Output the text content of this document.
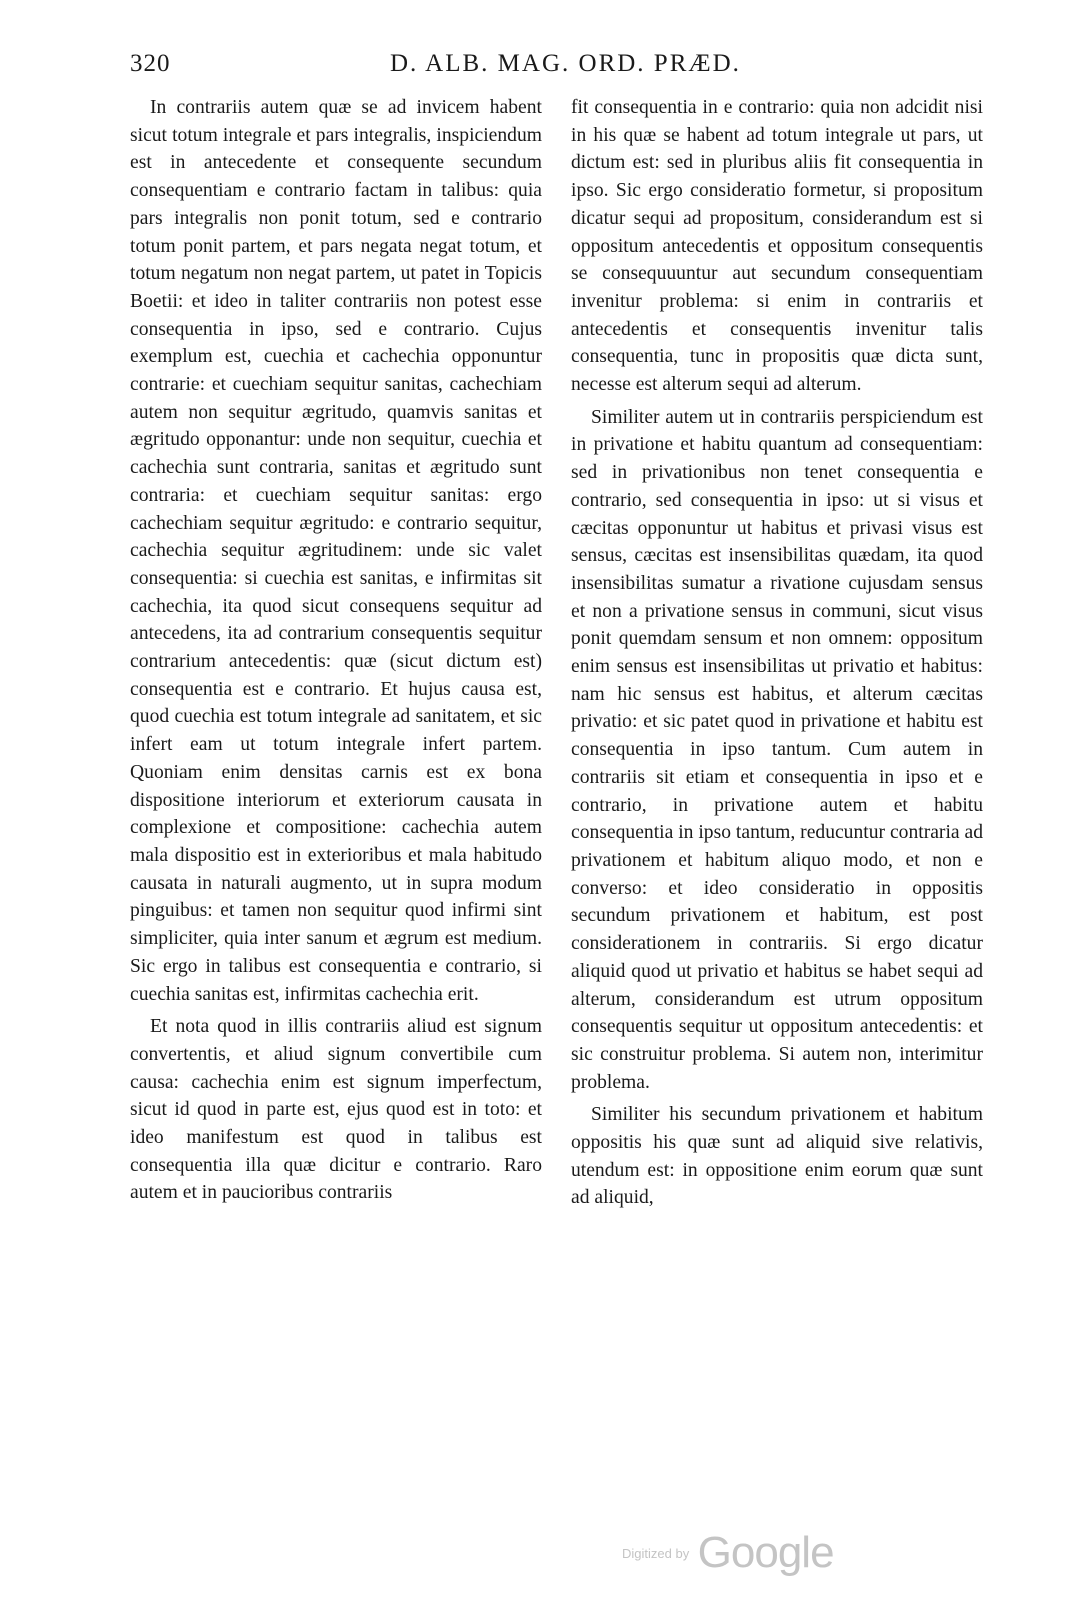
320	D. ALB. MAG. ORD. PRÆD.

In contrariis autem quæ se ad invicem habent sicut totum integrale et pars integralis, inspiciendum est in antecedente et consequente secundum consequentiam e contrario factam in talibus: quia pars integralis non ponit totum, sed e contrario totum ponit partem, et pars negata negat totum, et totum negatum non negat partem, ut patet in Topicis Boetii: et ideo in taliter contrariis non potest esse consequentia in ipso, sed e contrario. Cujus exemplum est, cuechia et cachechia opponuntur contrarie: et cuechiam sequitur sanitas, cachechiam autem non sequitur ægritudo, quamvis sanitas et ægritudo opponantur: unde non sequitur, cuechia et cachechia sunt contraria, sanitas et ægritudo sunt contraria: et cuechiam sequitur sanitas: ergo cachechiam sequitur ægritudo: e contrario sequitur, cachechia sequitur ægritudinem: unde sic valet consequentia: si cuechia est sanitas, e infirmitas sit cachechia, ita quod sicut consequens sequitur ad antecedens, ita ad contrarium consequentis sequitur contrarium antecedentis: quæ (sicut dictum est) consequentia est e contrario. Et hujus causa est, quod cuechia est totum integrale ad sanitatem, et sic infert eam ut totum integrale infert partem. Quoniam enim densitas carnis est ex bona dispositione interiorum et exteriorum causata in complexione et compositione: cachechia autem mala dispositio est in exterioribus et mala habitudo causata in naturali augmento, ut in supra modum pinguibus: et tamen non sequitur quod infirmi sint simpliciter, quia inter sanum et ægrum est medium. Sic ergo in talibus est consequentia e contrario, si cuechia sanitas est, infirmitas cachechia erit.

Et nota quod in illis contrariis aliud est signum convertentis, et aliud signum convertibile cum causa: cachechia enim est signum imperfectum, sicut id quod in parte est, ejus quod est in toto: et ideo manifestum est quod in talibus est consequentia illa quæ dicitur e contrario. Raro autem et in paucioribus contrariis

fit consequentia in e contrario: quia non adcidit nisi in his quæ se habent ad totum integrale ut pars, ut dictum est: sed in pluribus aliis fit consequentia in ipso. Sic ergo consideratio formetur, si propositum dicatur sequi ad propositum, considerandum est si oppositum antecedentis et oppositum consequentis se consequuuntur aut secundum consequentiam invenitur problema: si enim in contrariis et antecedentis et consequentis invenitur talis consequentia, tunc in propositis quæ dicta sunt, necesse est alterum sequi ad alterum.

Similiter autem ut in contrariis perspiciendum est in privatione et habitu quantum ad consequentiam: sed in privationibus non tenet consequentia e contrario, sed consequentia in ipso: ut si visus et cæcitas opponuntur ut habitus et privasi visus est sensus, cæcitas est insensibilitas quædam, ita quod insensibilitas sumatur a rivatione cujusdam sensus et non a privatione sensus in communi, sicut visus ponit quemdam sensum et non omnem: oppositum enim sensus est insensibilitas ut privatio et habitus: nam hic sensus est habitus, et alterum cæcitas privatio: et sic patet quod in privatione et habitu est consequentia in ipso tantum. Cum autem in contrariis sit etiam et consequentia in ipso et e contrario, in privatione autem et habitu consequentia in ipso tantum, reducuntur contraria ad privationem et habitum aliquo modo, et non e converso: et ideo consideratio in oppositis secundum privationem et habitum, est post considerationem in contrariis. Si ergo dicatur aliquid quod ut privatio et habitus se habet sequi ad alterum, considerandum est utrum oppositum consequentis sequitur ut oppositum antecedentis: et sic construitur problema. Si autem non, interimitur problema.

Similiter his secundum privationem et habitum oppositis his quæ sunt ad aliquid sive relativis, utendum est: in oppositione enim eorum quæ sunt ad aliquid,

Digitized by Google
